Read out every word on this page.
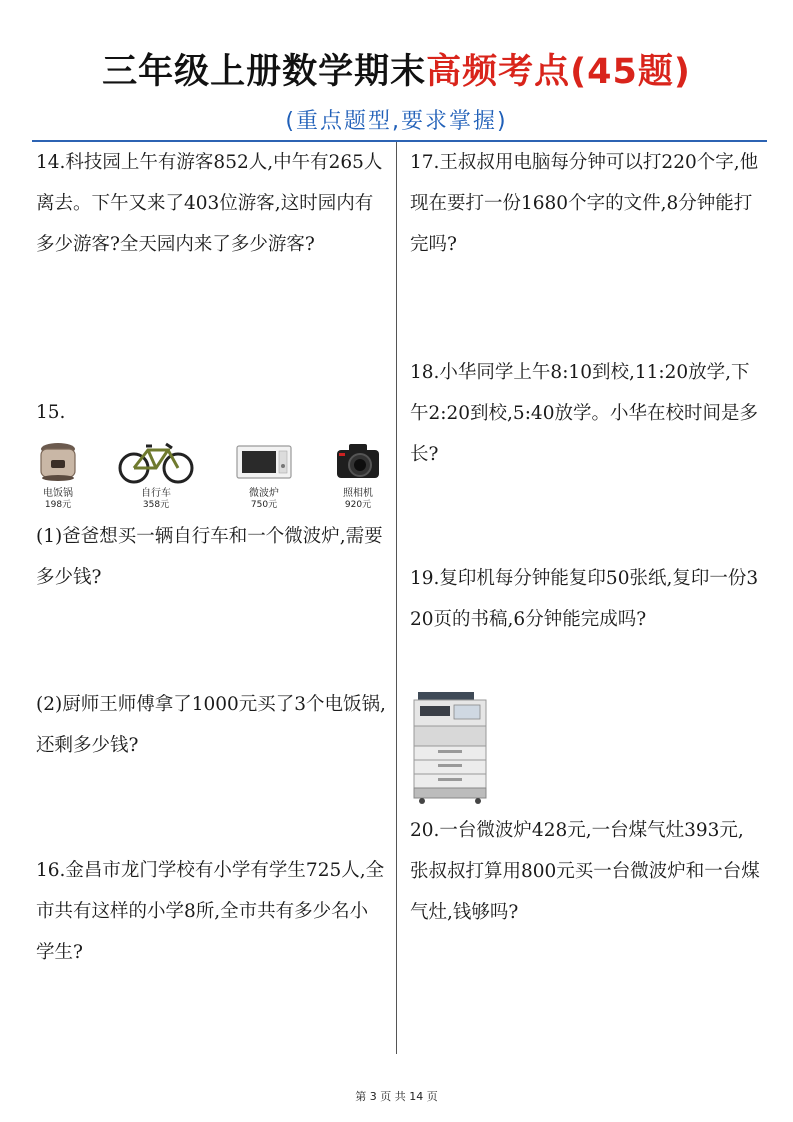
三年级上册数学期末高频考点(45题)
(重点题型,要求掌握)
14.科技园上午有游客852人,中午有265人离去。下午又来了403位游客,这时园内有多少游客?全天园内来了多少游客?
15.
电饭锅
198元
自行车
358元
微波炉
750元
照相机
920元
(1)爸爸想买一辆自行车和一个微波炉,需要多少钱?
(2)厨师王师傅拿了1000元买了3个电饭锅,还剩多少钱?
16.金昌市龙门学校有小学有学生725人,全市共有这样的小学8所,全市共有多少名小学生?
17.王叔叔用电脑每分钟可以打220个字,他现在要打一份1680个字的文件,8分钟能打完吗?
18.小华同学上午8:10到校,11:20放学,下午2:20到校,5:40放学。小华在校时间是多长?
19.复印机每分钟能复印50张纸,复印一份320页的书稿,6分钟能完成吗?
20.一台微波炉428元,一台煤气灶393元,张叔叔打算用800元买一台微波炉和一台煤气灶,钱够吗?
第 3 页 共 14 页
